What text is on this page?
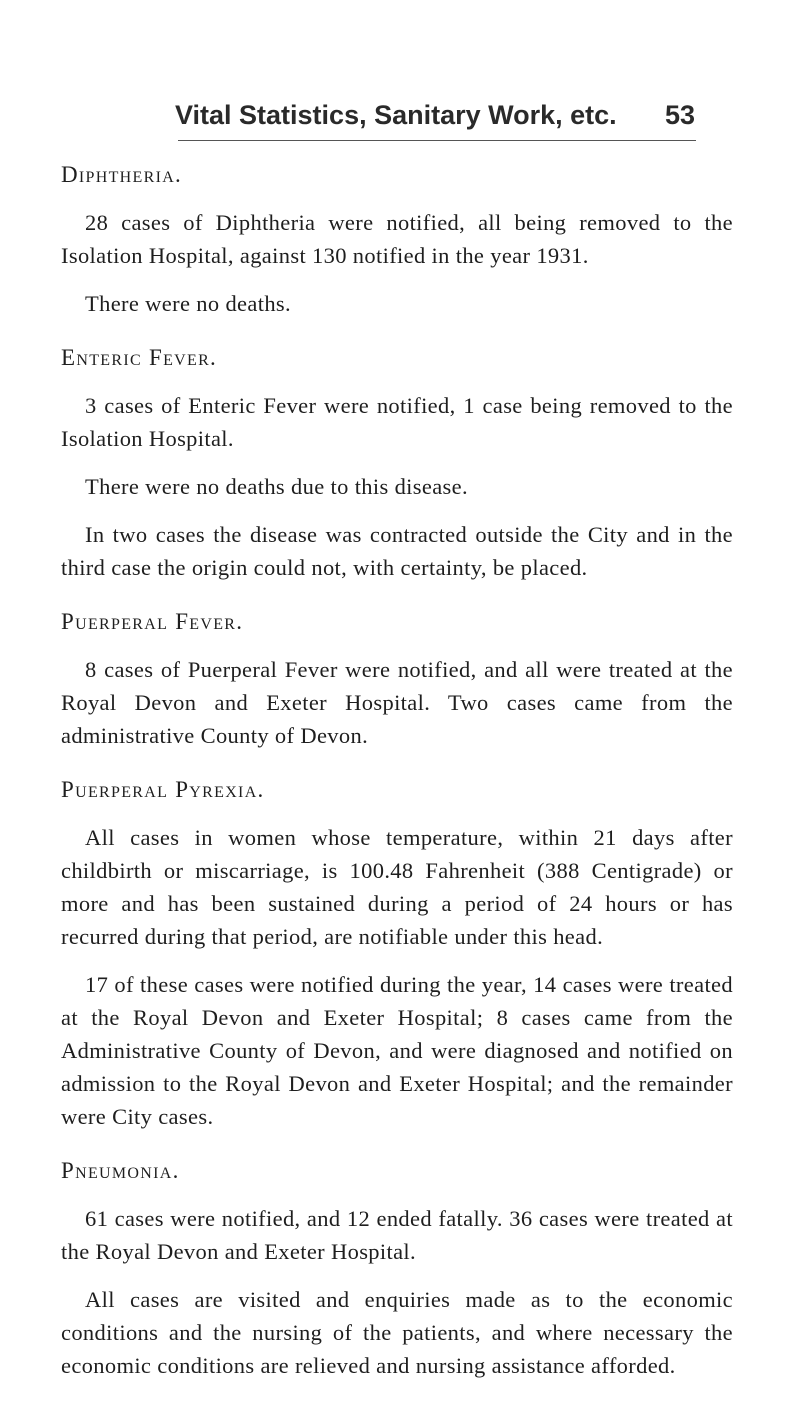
Vital Statistics, Sanitary Work, etc. 53
Diphtheria.

28 cases of Diphtheria were notified, all being removed to the Isolation Hospital, against 130 notified in the year 1931.

There were no deaths.

Enteric Fever.

3 cases of Enteric Fever were notified, 1 case being removed to the Isolation Hospital.

There were no deaths due to this disease.

In two cases the disease was contracted outside the City and in the third case the origin could not, with certainty, be placed.

Puerperal Fever.

8 cases of Puerperal Fever were notified, and all were treated at the Royal Devon and Exeter Hospital. Two cases came from the administrative County of Devon.

Puerperal Pyrexia.

All cases in women whose temperature, within 21 days after childbirth or miscarriage, is 100.48 Fahrenheit (388 Centigrade) or more and has been sustained during a period of 24 hours or has recurred during that period, are notifiable under this head.

17 of these cases were notified during the year, 14 cases were treated at the Royal Devon and Exeter Hospital; 8 cases came from the Administrative County of Devon, and were diagnosed and notified on admission to the Royal Devon and Exeter Hospital; and the remainder were City cases.

Pneumonia.

61 cases were notified, and 12 ended fatally. 36 cases were treated at the Royal Devon and Exeter Hospital.

All cases are visited and enquiries made as to the economic conditions and the nursing of the patients, and where necessary the economic conditions are relieved and nursing assistance afforded.
